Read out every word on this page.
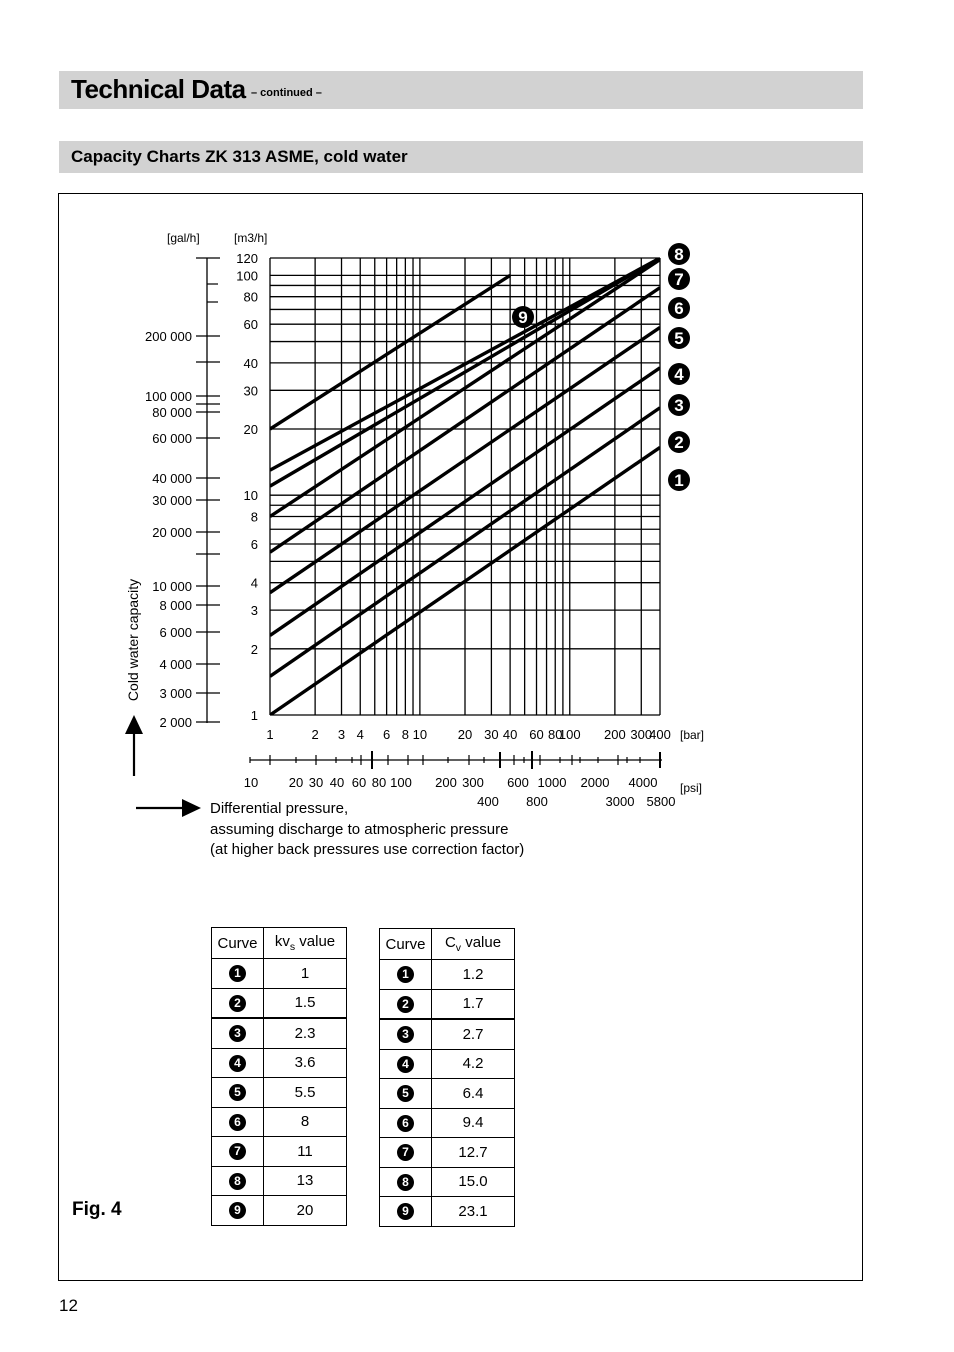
Technical Data – continued –
Capacity Charts ZK 313 ASME, cold water
1
2
3
4
5
6
7
8
9
1
2
3
4
6
8
10
20
30
40
60
80
100
120
1	2 3 4 6 8 10 20 30 40 60 80
100 200 300
400 [bar]
[gal/h]	[m3/h]
200 000
100 000
80 000
60 000
40 000
30 000
20 000
10 000
8 000
6 000
4 000
3 000
2 000
10 20 30 40 60 80 100 200 300 600 1000 2000 4000
400 800	3000 5800
[psi]
Cold water capacity
Differential pressure,
assuming discharge to atmospheric pressure
(at higher back pressures use correction factor)
Curve	$kv_s$ value
1	1
2	1.5
3	2.3
4	3.6
5	5.5
6	8
7	11
8	13
9	20
Curve	$C_v$ value
1	1.2
2	1.7
3	2.7
4	4.2
5	6.4
6	9.4
7	12.7
8	15.0
9	23.1
Fig. 4
12
